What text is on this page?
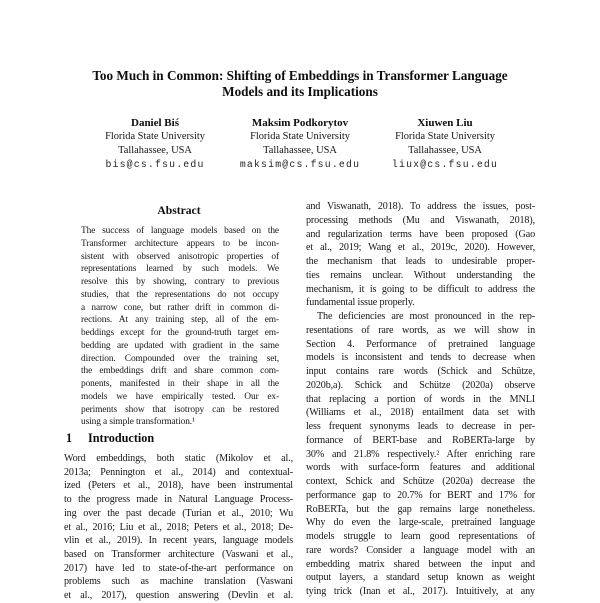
Too Much in Common: Shifting of Embeddings in Transformer Language
Models and its Implications
Daniel Biś
Florida State University
Tallahassee, USA
bis@cs.fsu.edu
Maksim Podkorytov
Florida State University
Tallahassee, USA
maksim@cs.fsu.edu
Xiuwen Liu
Florida State University
Tallahassee, USA
liux@cs.fsu.edu
Abstract
The success of language models based on the
Transformer architecture appears to be incon-
sistent with observed anisotropic properties of
representations learned by such models. We
resolve this by showing, contrary to previous
studies, that the representations do not occupy
a narrow cone, but rather drift in common di-
rections. At any training step, all of the em-
beddings except for the ground-truth target em-
bedding are updated with gradient in the same
direction. Compounded over the training set,
the embeddings drift and share common com-
ponents, manifested in their shape in all the
models we have empirically tested. Our ex-
periments show that isotropy can be restored
using a simple transformation.¹
1 Introduction
Word embeddings, both static (Mikolov et al.,
2013a; Pennington et al., 2014) and contextual-
ized (Peters et al., 2018), have been instrumental
to the progress made in Natural Language Process-
ing over the past decade (Turian et al., 2010; Wu
et al., 2016; Liu et al., 2018; Peters et al., 2018; De-
vlin et al., 2019). In recent years, language models
based on Transformer architecture (Vaswani et al.,
2017) have led to state-of-the-art performance on
problems such as machine translation (Vaswani
et al., 2017), question answering (Devlin et al.
and Viswanath, 2018). To address the issues, post-
processing methods (Mu and Viswanath, 2018),
and regularization terms have been proposed (Gao
et al., 2019; Wang et al., 2019c, 2020). However,
the mechanism that leads to undesirable proper-
ties remains unclear. Without understanding the
mechanism, it is going to be difficult to address the
fundamental issue properly.
The deficiencies are most pronounced in the rep-
resentations of rare words, as we will show in
Section 4. Performance of pretrained language
models is inconsistent and tends to decrease when
input contains rare words (Schick and Schütze,
2020b,a). Schick and Schütze (2020a) observe
that replacing a portion of words in the MNLI
(Williams et al., 2018) entailment data set with
less frequent synonyms leads to decrease in per-
formance of BERT-base and RoBERTa-large by
30% and 21.8% respectively.² After enriching rare
words with surface-form features and additional
context, Schick and Schütze (2020a) decrease the
performance gap to 20.7% for BERT and 17% for
RoBERTa, but the gap remains large nonetheless.
Why do even the large-scale, pretrained language
models struggle to learn good representations of
rare words? Consider a language model with an
embedding matrix shared between the input and
output layers, a standard setup known as weight
tying trick (Inan et al., 2017). Intuitively, at any
